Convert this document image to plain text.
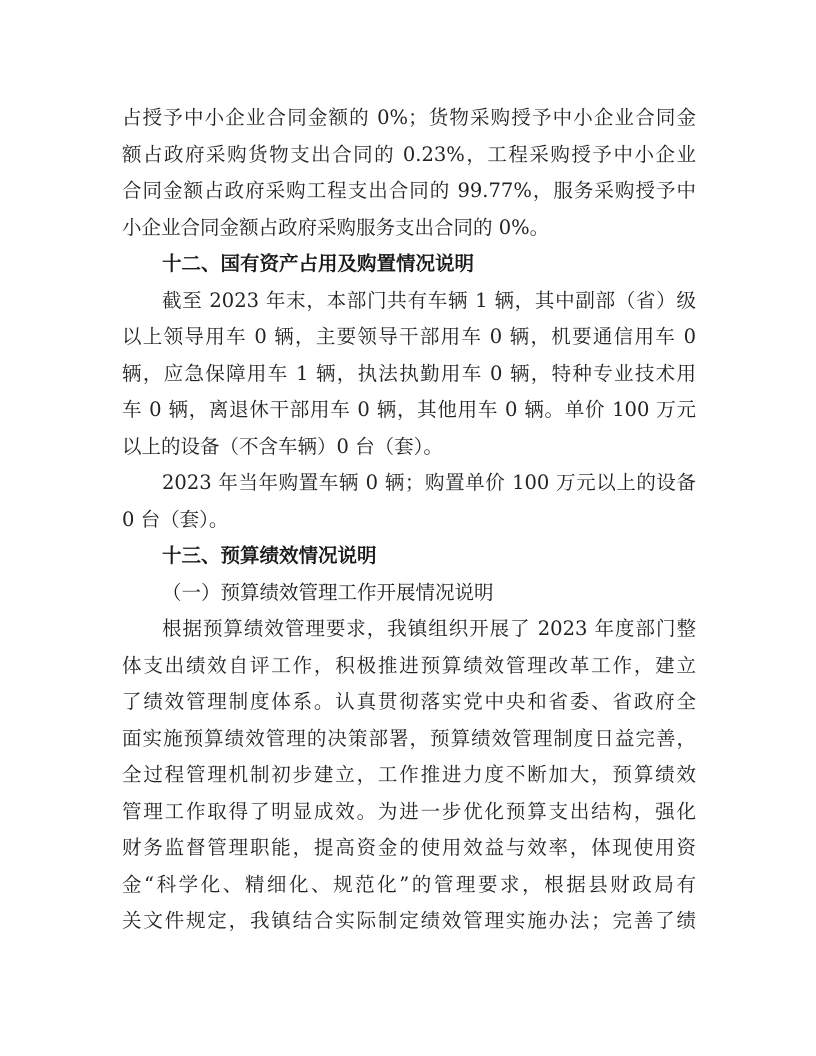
占授予中小企业合同金额的 0%；货物采购授予中小企业合同金
额占政府采购货物支出合同的 0.23%，工程采购授予中小企业
合同金额占政府采购工程支出合同的 99.77%，服务采购授予中
小企业合同金额占政府采购服务支出合同的 0%。
十二、国有资产占用及购置情况说明
截至 2023 年末，本部门共有车辆 1 辆，其中副部（省）级
以上领导用车 0 辆，主要领导干部用车 0 辆，机要通信用车 0
辆，应急保障用车 1 辆，执法执勤用车 0 辆，特种专业技术用
车 0 辆，离退休干部用车 0 辆，其他用车 0 辆。单价 100 万元
以上的设备（不含车辆）0 台（套）。
2023 年当年购置车辆 0 辆；购置单价 100 万元以上的设备
0 台（套）。
十三、预算绩效情况说明
（一）预算绩效管理工作开展情况说明
根据预算绩效管理要求，我镇组织开展了 2023 年度部门整
体支出绩效自评工作，积极推进预算绩效管理改革工作，建立
了绩效管理制度体系。认真贯彻落实党中央和省委、省政府全
面实施预算绩效管理的决策部署，预算绩效管理制度日益完善，
全过程管理机制初步建立，工作推进力度不断加大，预算绩效
管理工作取得了明显成效。为进一步优化预算支出结构，强化
财务监督管理职能，提高资金的使用效益与效率，体现使用资
金“科学化、精细化、规范化”的管理要求，根据县财政局有
关文件规定，我镇结合实际制定绩效管理实施办法；完善了绩
